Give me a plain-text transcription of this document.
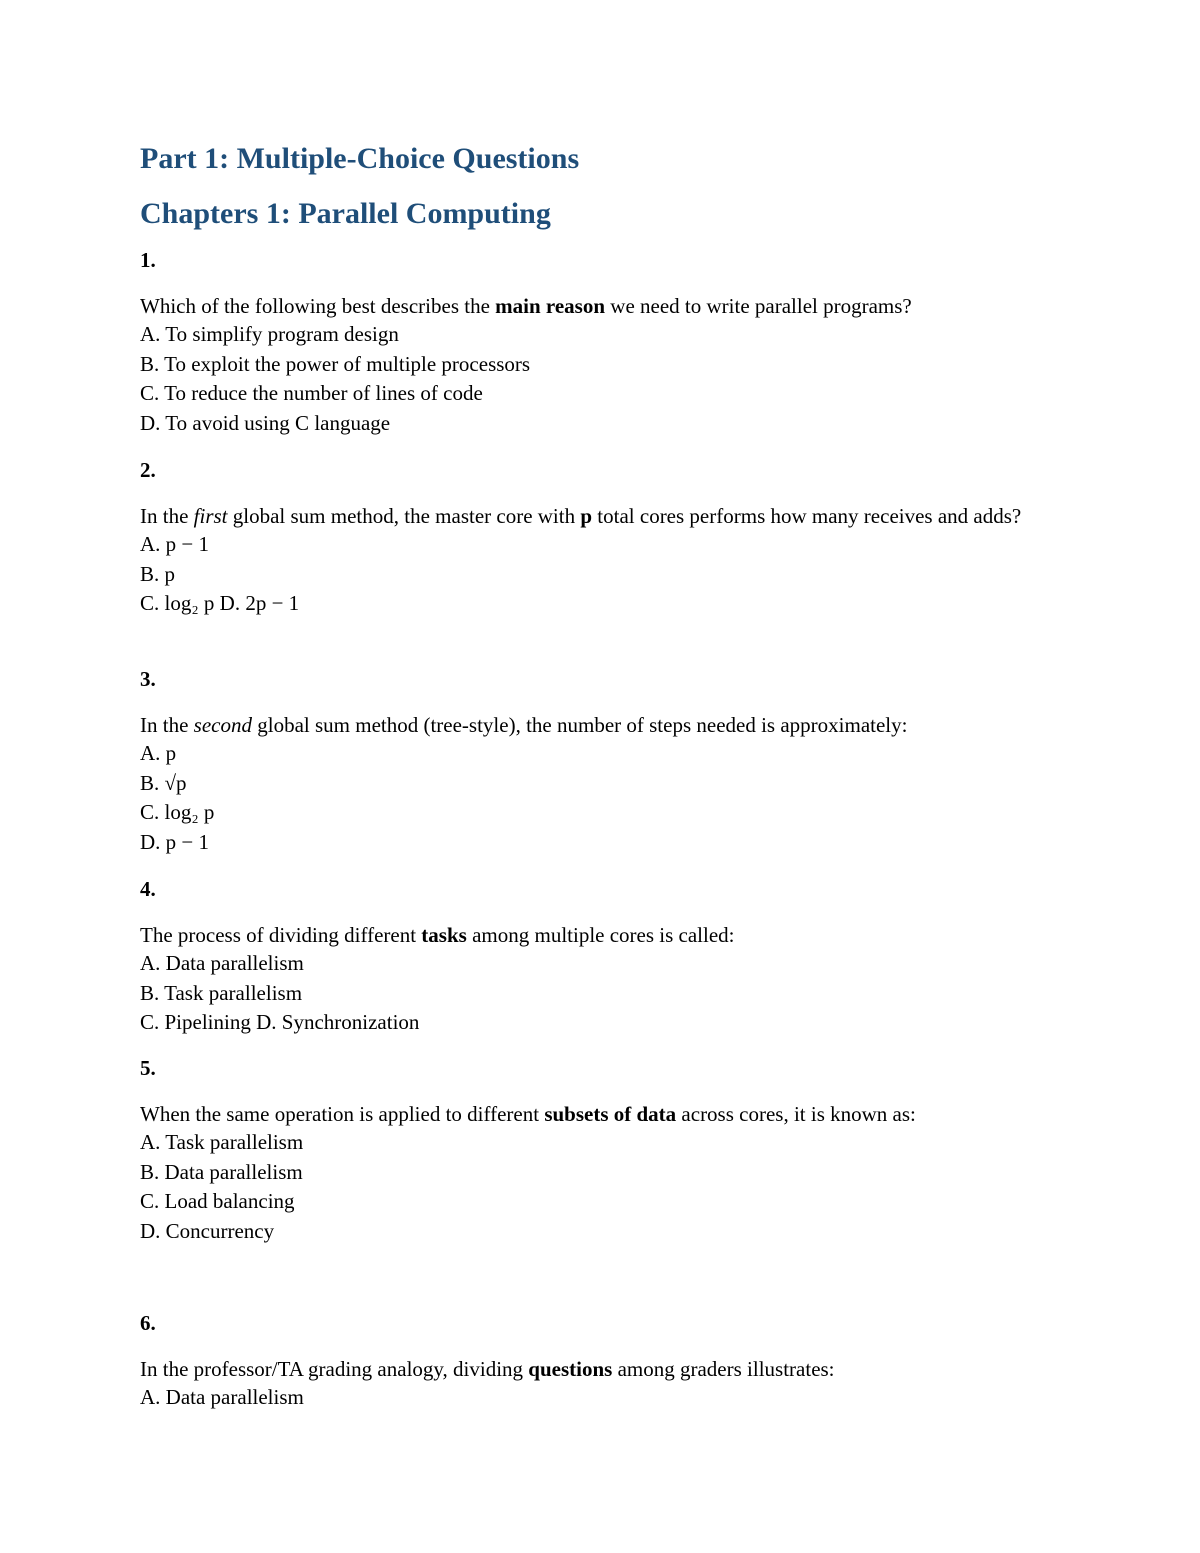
Part 1: Multiple-Choice Questions
Chapters 1: Parallel Computing

1.

Which of the following best describes the main reason we need to write parallel programs?

A. To simplify program design

B. To exploit the power of multiple processors

C. To reduce the number of lines of code

D. To avoid using C language

2.

In the first global sum method, the master core with p total cores performs how many receives and adds?

A. p − 1

B. p

C. log₂ p D. 2p − 1

3.

In the second global sum method (tree-style), the number of steps needed is approximately:

A. p

B. √p

C. log₂ p

D. p − 1

4.

The process of dividing different tasks among multiple cores is called:

A. Data parallelism

B. Task parallelism

C. Pipelining D. Synchronization

5.

When the same operation is applied to different subsets of data across cores, it is known as:

A. Task parallelism

B. Data parallelism

C. Load balancing

D. Concurrency

6.

In the professor/TA grading analogy, dividing questions among graders illustrates:

A. Data parallelism
